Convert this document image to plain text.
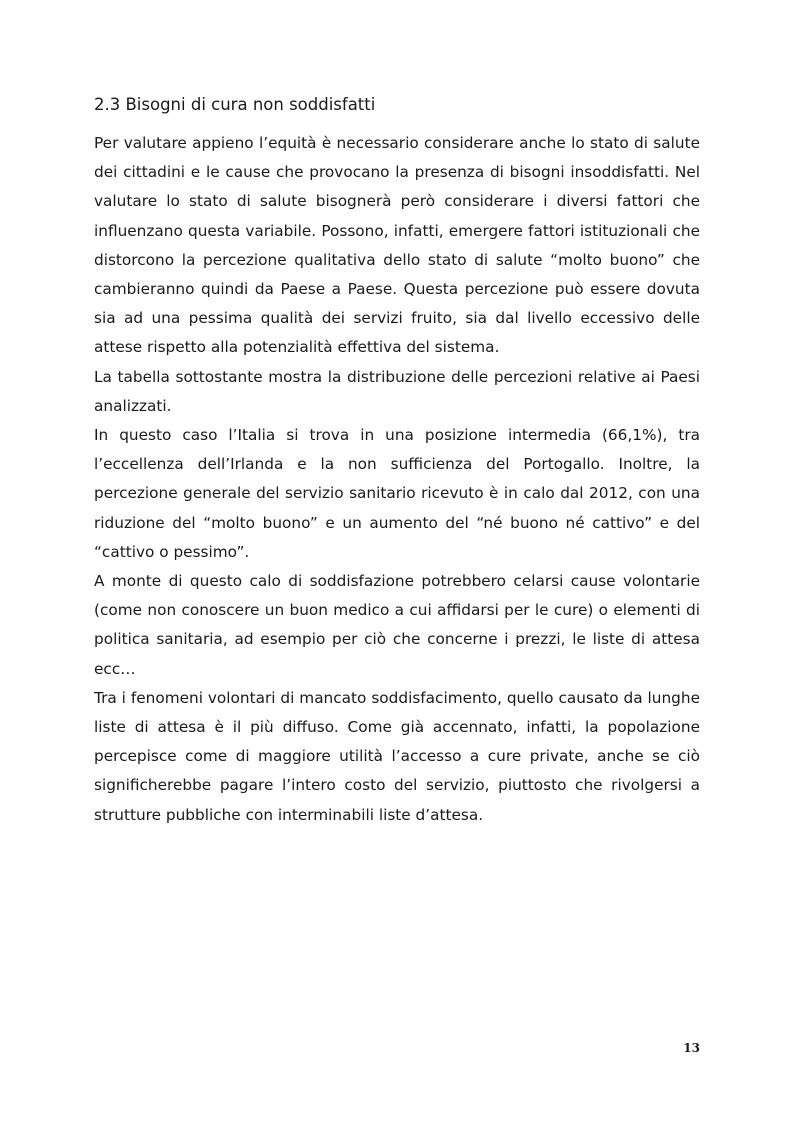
2.3 Bisogni di cura non soddisfatti

Per valutare appieno l’equità è necessario considerare anche lo stato di salute dei cittadini e le cause che provocano la presenza di bisogni insoddisfatti. Nel valutare lo stato di salute bisognerà però considerare i diversi fattori che influenzano questa variabile. Possono, infatti, emergere fattori istituzionali che distorcono la percezione qualitativa dello stato di salute “molto buono” che cambieranno quindi da Paese a Paese. Questa percezione può essere dovuta sia ad una pessima qualità dei servizi fruito, sia dal livello eccessivo delle attese rispetto alla potenzialità effettiva del sistema.

La tabella sottostante mostra la distribuzione delle percezioni relative ai Paesi analizzati.

In questo caso l’Italia si trova in una posizione intermedia (66,1%), tra l’eccellenza dell’Irlanda e la non sufficienza del Portogallo. Inoltre, la percezione generale del servizio sanitario ricevuto è in calo dal 2012, con una riduzione del “molto buono” e un aumento del “né buono né cattivo” e del “cattivo o pessimo”.

A monte di questo calo di soddisfazione potrebbero celarsi cause volontarie (come non conoscere un buon medico a cui affidarsi per le cure) o elementi di politica sanitaria, ad esempio per ciò che concerne i prezzi, le liste di attesa ecc…

Tra i fenomeni volontari di mancato soddisfacimento, quello causato da lunghe liste di attesa è il più diffuso. Come già accennato, infatti, la popolazione percepisce come di maggiore utilità l’accesso a cure private, anche se ciò significherebbe pagare l’intero costo del servizio, piuttosto che rivolgersi a strutture pubbliche con interminabili liste d’attesa.

13
